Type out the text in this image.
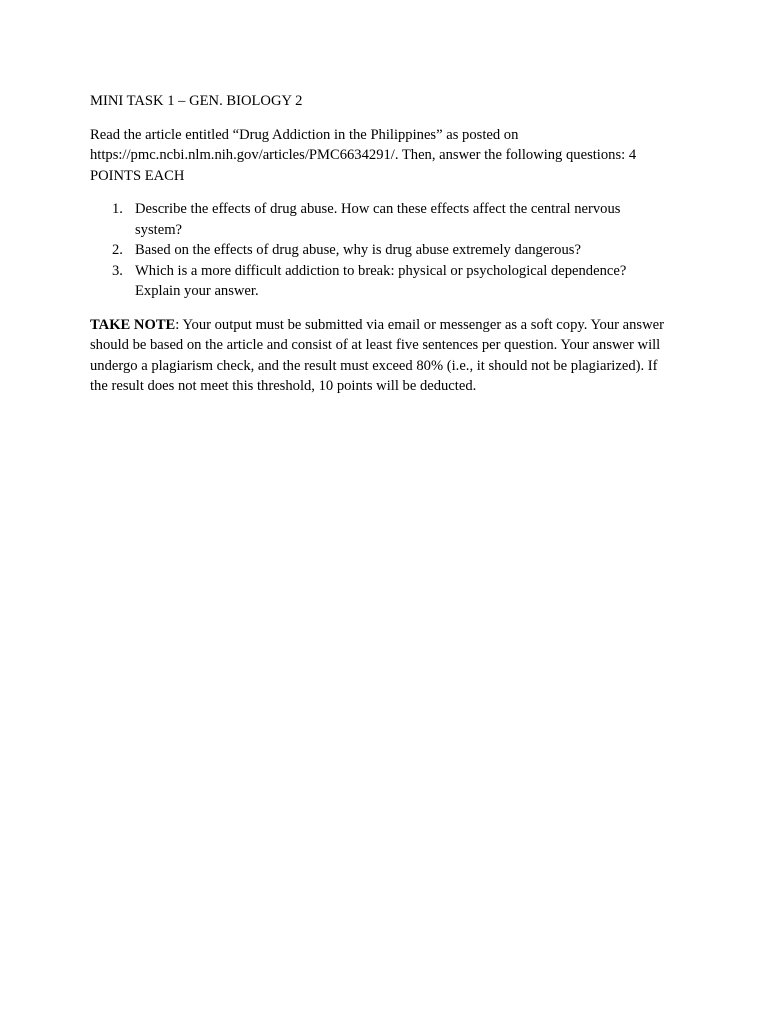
MINI TASK 1 – GEN. BIOLOGY 2

Read the article entitled “Drug Addiction in the Philippines” as posted on https://pmc.ncbi.nlm.nih.gov/articles/PMC6634291/. Then, answer the following questions: 4 POINTS EACH

1. Describe the effects of drug abuse. How can these effects affect the central nervous system?
2. Based on the effects of drug abuse, why is drug abuse extremely dangerous?
3. Which is a more difficult addiction to break: physical or psychological dependence? Explain your answer.

TAKE NOTE: Your output must be submitted via email or messenger as a soft copy. Your answer should be based on the article and consist of at least five sentences per question. Your answer will undergo a plagiarism check, and the result must exceed 80% (i.e., it should not be plagiarized). If the result does not meet this threshold, 10 points will be deducted.
